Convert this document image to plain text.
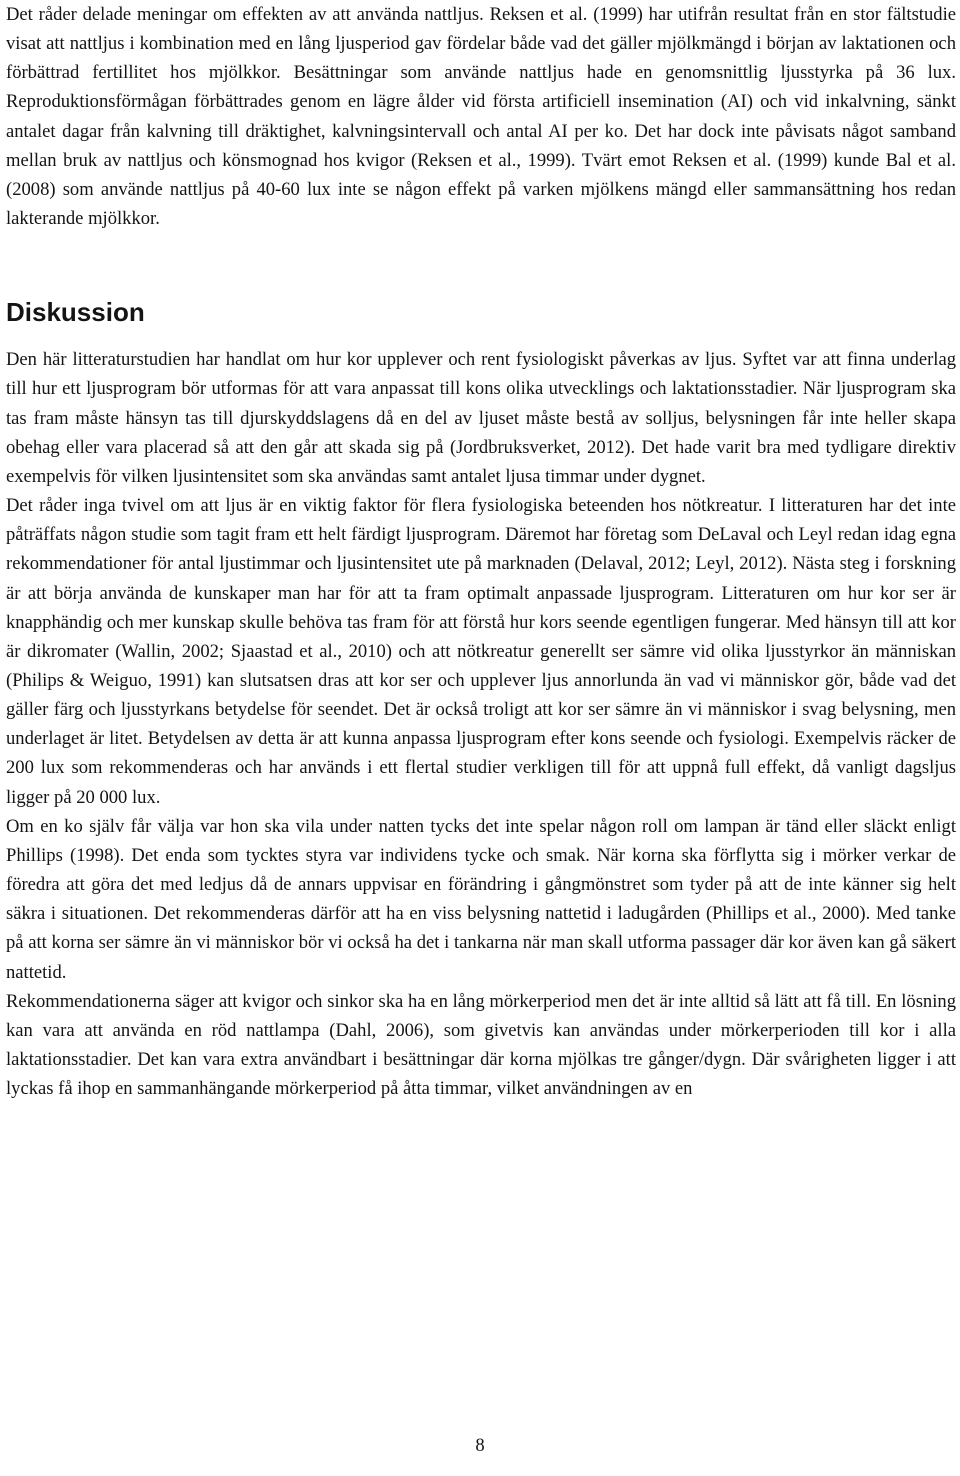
Det råder delade meningar om effekten av att använda nattljus. Reksen et al. (1999) har utifrån resultat från en stor fältstudie visat att nattljus i kombination med en lång ljusperiod gav fördelar både vad det gäller mjölkmängd i början av laktationen och förbättrad fertillitet hos mjölkkor. Besättningar som använde nattljus hade en genomsnittlig ljusstyrka på 36 lux. Reproduktionsförmågan förbättrades genom en lägre ålder vid första artificiell insemination (AI) och vid inkalvning, sänkt antalet dagar från kalvning till dräktighet, kalvningsintervall och antal AI per ko. Det har dock inte påvisats något samband mellan bruk av nattljus och könsmognad hos kvigor (Reksen et al., 1999). Tvärt emot Reksen et al. (1999) kunde Bal et al. (2008) som använde nattljus på 40-60 lux inte se någon effekt på varken mjölkens mängd eller sammansättning hos redan lakterande mjölkkor.

Diskussion

Den här litteraturstudien har handlat om hur kor upplever och rent fysiologiskt påverkas av ljus. Syftet var att finna underlag till hur ett ljusprogram bör utformas för att vara anpassat till kons olika utvecklings och laktationsstadier. När ljusprogram ska tas fram måste hänsyn tas till djurskyddslagens då en del av ljuset måste bestå av solljus, belysningen får inte heller skapa obehag eller vara placerad så att den går att skada sig på (Jordbruksverket, 2012). Det hade varit bra med tydligare direktiv exempelvis för vilken ljusintensitet som ska användas samt antalet ljusa timmar under dygnet.

Det råder inga tvivel om att ljus är en viktig faktor för flera fysiologiska beteenden hos nötkreatur. I litteraturen har det inte påträffats någon studie som tagit fram ett helt färdigt ljusprogram. Däremot har företag som DeLaval och Leyl redan idag egna rekommendationer för antal ljustimmar och ljusintensitet ute på marknaden (Delaval, 2012; Leyl, 2012). Nästa steg i forskning är att börja använda de kunskaper man har för att ta fram optimalt anpassade ljusprogram. Litteraturen om hur kor ser är knapphändig och mer kunskap skulle behöva tas fram för att förstå hur kors seende egentligen fungerar. Med hänsyn till att kor är dikromater (Wallin, 2002; Sjaastad et al., 2010) och att nötkreatur generellt ser sämre vid olika ljusstyrkor än människan (Philips & Weiguo, 1991) kan slutsatsen dras att kor ser och upplever ljus annorlunda än vad vi människor gör, både vad det gäller färg och ljusstyrkans betydelse för seendet. Det är också troligt att kor ser sämre än vi människor i svag belysning, men underlaget är litet. Betydelsen av detta är att kunna anpassa ljusprogram efter kons seende och fysiologi. Exempelvis räcker de 200 lux som rekommenderas och har används i ett flertal studier verkligen till för att uppnå full effekt, då vanligt dagsljus ligger på 20 000 lux.

Om en ko själv får välja var hon ska vila under natten tycks det inte spelar någon roll om lampan är tänd eller släckt enligt Phillips (1998). Det enda som tycktes styra var individens tycke och smak. När korna ska förflytta sig i mörker verkar de föredra att göra det med ledjus då de annars uppvisar en förändring i gångmönstret som tyder på att de inte känner sig helt säkra i situationen. Det rekommenderas därför att ha en viss belysning nattetid i ladugården (Phillips et al., 2000). Med tanke på att korna ser sämre än vi människor bör vi också ha det i tankarna när man skall utforma passager där kor även kan gå säkert nattetid.

Rekommendationerna säger att kvigor och sinkor ska ha en lång mörkerperiod men det är inte alltid så lätt att få till. En lösning kan vara att använda en röd nattlampa (Dahl, 2006), som givetvis kan användas under mörkerperioden till kor i alla laktationsstadier. Det kan vara extra användbart i besättningar där korna mjölkas tre gånger/dygn. Där svårigheten ligger i att lyckas få ihop en sammanhängande mörkerperiod på åtta timmar, vilket användningen av en

8
